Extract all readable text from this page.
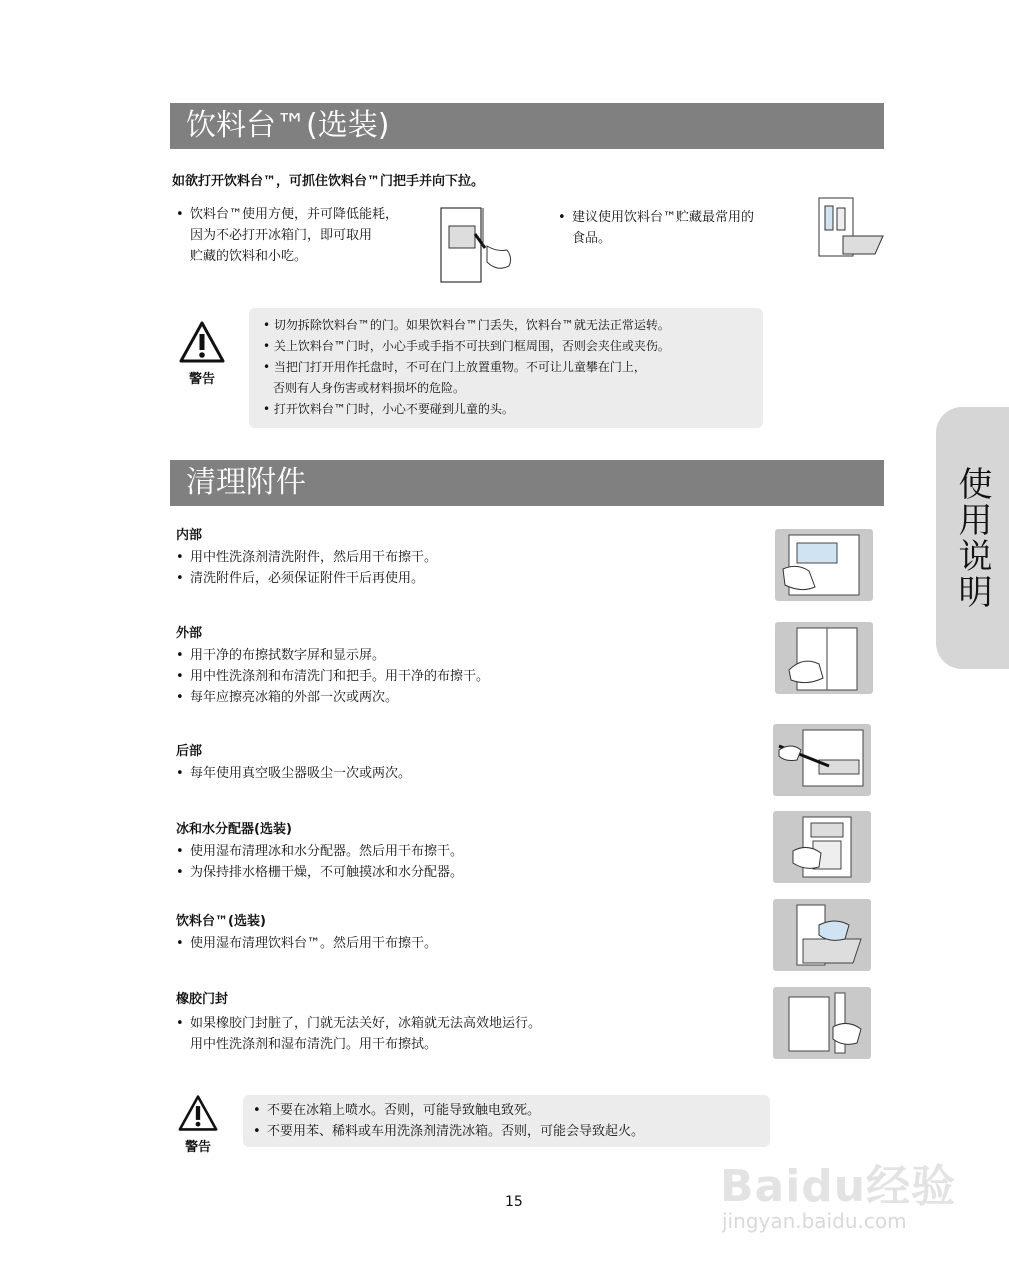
饮料台™(选装)
如欲打开饮料台™，可抓住饮料台™门把手并向下拉。
• 饮料台™使用方便，并可降低能耗，
因为不必打开冰箱门，即可取用
贮藏的饮料和小吃。
• 建议使用饮料台™贮藏最常用的
食品。
警告
• 切勿拆除饮料台™的门。如果饮料台™门丢失，饮料台™就无法正常运转。
• 关上饮料台™门时，小心手或手指不可扶到门框周围，否则会夹住或夹伤。
• 当把门打开用作托盘时，不可在门上放置重物。不可让儿童攀在门上，
否则有人身伤害或材料损坏的危险。
• 打开饮料台™门时，小心不要碰到儿童的头。
清理附件
内部
• 用中性洗涤剂清洗附件，然后用干布擦干。
• 清洗附件后，必须保证附件干后再使用。
外部
• 用干净的布擦拭数字屏和显示屏。
• 用中性洗涤剂和布清洗门和把手。用干净的布擦干。
• 每年应擦亮冰箱的外部一次或两次。
后部
• 每年使用真空吸尘器吸尘一次或两次。
冰和水分配器(选装)
• 使用湿布清理冰和水分配器。然后用干布擦干。
• 为保持排水格栅干燥，不可触摸冰和水分配器。
饮料台™(选装)
• 使用湿布清理饮料台™。然后用干布擦干。
橡胶门封
• 如果橡胶门封脏了，门就无法关好，冰箱就无法高效地运行。
用中性洗涤剂和湿布清洗门。用干布擦拭。
警告
• 不要在冰箱上喷水。否则，可能导致触电致死。
• 不要用苯、稀料或车用洗涤剂清洗冰箱。否则，可能会导致起火。
使用说明
15	Baidu经验
jingyan.baidu.com
